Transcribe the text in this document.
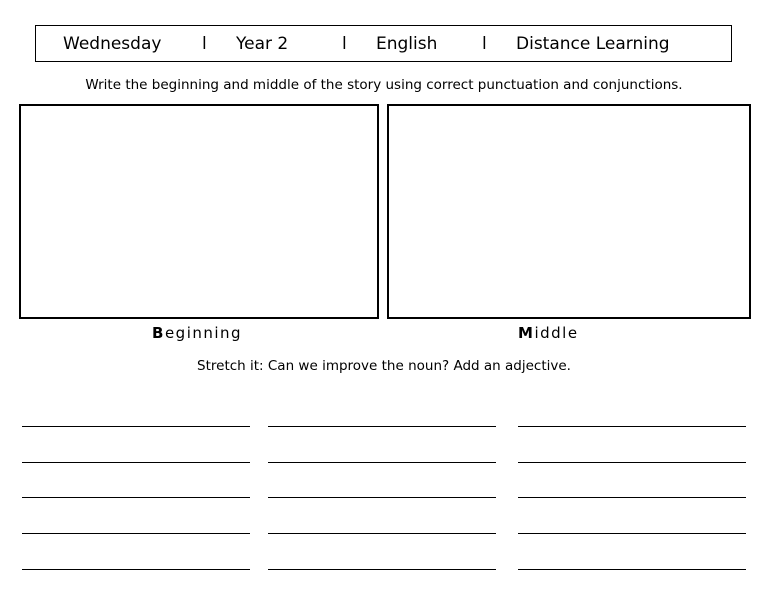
Wednesday l Year 2	l English	l Distance Learning
Write the beginning and middle of the story using correct punctuation and conjunctions.
Beginning	Middle
Stretch it: Can we improve the noun? Add an adjective.
